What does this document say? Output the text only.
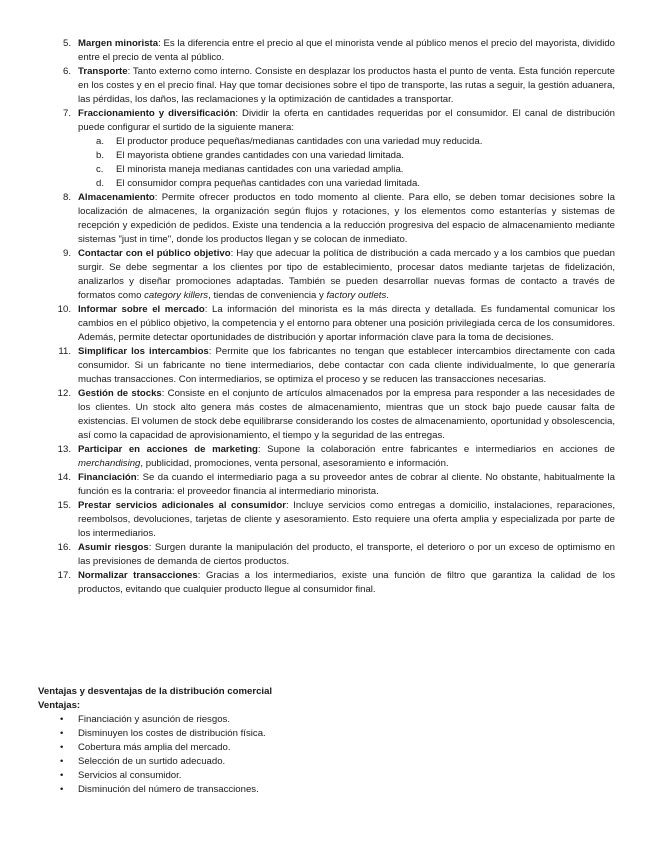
5. Margen minorista: Es la diferencia entre el precio al que el minorista vende al público menos el precio del mayorista, dividido entre el precio de venta al público.
6. Transporte: Tanto externo como interno. Consiste en desplazar los productos hasta el punto de venta. Esta función repercute en los costes y en el precio final. Hay que tomar decisiones sobre el tipo de transporte, las rutas a seguir, la gestión aduanera, las pérdidas, los daños, las reclamaciones y la optimización de cantidades a transportar.
7. Fraccionamiento y diversificación: Dividir la oferta en cantidades requeridas por el consumidor. El canal de distribución puede configurar el surtido de la siguiente manera:
a. El productor produce pequeñas/medianas cantidades con una variedad muy reducida.
b. El mayorista obtiene grandes cantidades con una variedad limitada.
c. El minorista maneja medianas cantidades con una variedad amplia.
d. El consumidor compra pequeñas cantidades con una variedad limitada.
8. Almacenamiento: Permite ofrecer productos en todo momento al cliente. Para ello, se deben tomar decisiones sobre la localización de almacenes, la organización según flujos y rotaciones, y los elementos como estanterías y sistemas de recepción y expedición de pedidos. Existe una tendencia a la reducción progresiva del espacio de almacenamiento mediante sistemas "just in time", donde los productos llegan y se colocan de inmediato.
9. Contactar con el público objetivo: Hay que adecuar la política de distribución a cada mercado y a los cambios que puedan surgir. Se debe segmentar a los clientes por tipo de establecimiento, procesar datos mediante tarjetas de fidelización, analizarlos y diseñar promociones adaptadas. También se pueden desarrollar nuevas formas de contacto a través de formatos como category killers, tiendas de conveniencia y factory outlets.
10. Informar sobre el mercado: La información del minorista es la más directa y detallada. Es fundamental comunicar los cambios en el público objetivo, la competencia y el entorno para obtener una posición privilegiada cerca de los consumidores. Además, permite detectar oportunidades de distribución y aportar información clave para la toma de decisiones.
11. Simplificar los intercambios: Permite que los fabricantes no tengan que establecer intercambios directamente con cada consumidor. Si un fabricante no tiene intermediarios, debe contactar con cada cliente individualmente, lo que generaría muchas transacciones. Con intermediarios, se optimiza el proceso y se reducen las transacciones necesarias.
12. Gestión de stocks: Consiste en el conjunto de artículos almacenados por la empresa para responder a las necesidades de los clientes. Un stock alto genera más costes de almacenamiento, mientras que un stock bajo puede causar falta de existencias. El volumen de stock debe equilibrarse considerando los costes de almacenamiento, oportunidad y obsolescencia, así como la capacidad de aprovisionamiento, el tiempo y la seguridad de las entregas.
13. Participar en acciones de marketing: Supone la colaboración entre fabricantes e intermediarios en acciones de merchandising, publicidad, promociones, venta personal, asesoramiento e información.
14. Financiación: Se da cuando el intermediario paga a su proveedor antes de cobrar al cliente. No obstante, habitualmente la función es la contraria: el proveedor financia al intermediario minorista.
15. Prestar servicios adicionales al consumidor: Incluye servicios como entregas a domicilio, instalaciones, reparaciones, reembolsos, devoluciones, tarjetas de cliente y asesoramiento. Esto requiere una oferta amplia y especializada por parte de los intermediarios.
16. Asumir riesgos: Surgen durante la manipulación del producto, el transporte, el deterioro o por un exceso de optimismo en las previsiones de demanda de ciertos productos.
17. Normalizar transacciones: Gracias a los intermediarios, existe una función de filtro que garantiza la calidad de los productos, evitando que cualquier producto llegue al consumidor final.
Ventajas y desventajas de la distribución comercial
Ventajas:
• Financiación y asunción de riesgos.
• Disminuyen los costes de distribución física.
• Cobertura más amplia del mercado.
• Selección de un surtido adecuado.
• Servicios al consumidor.
• Disminución del número de transacciones.
